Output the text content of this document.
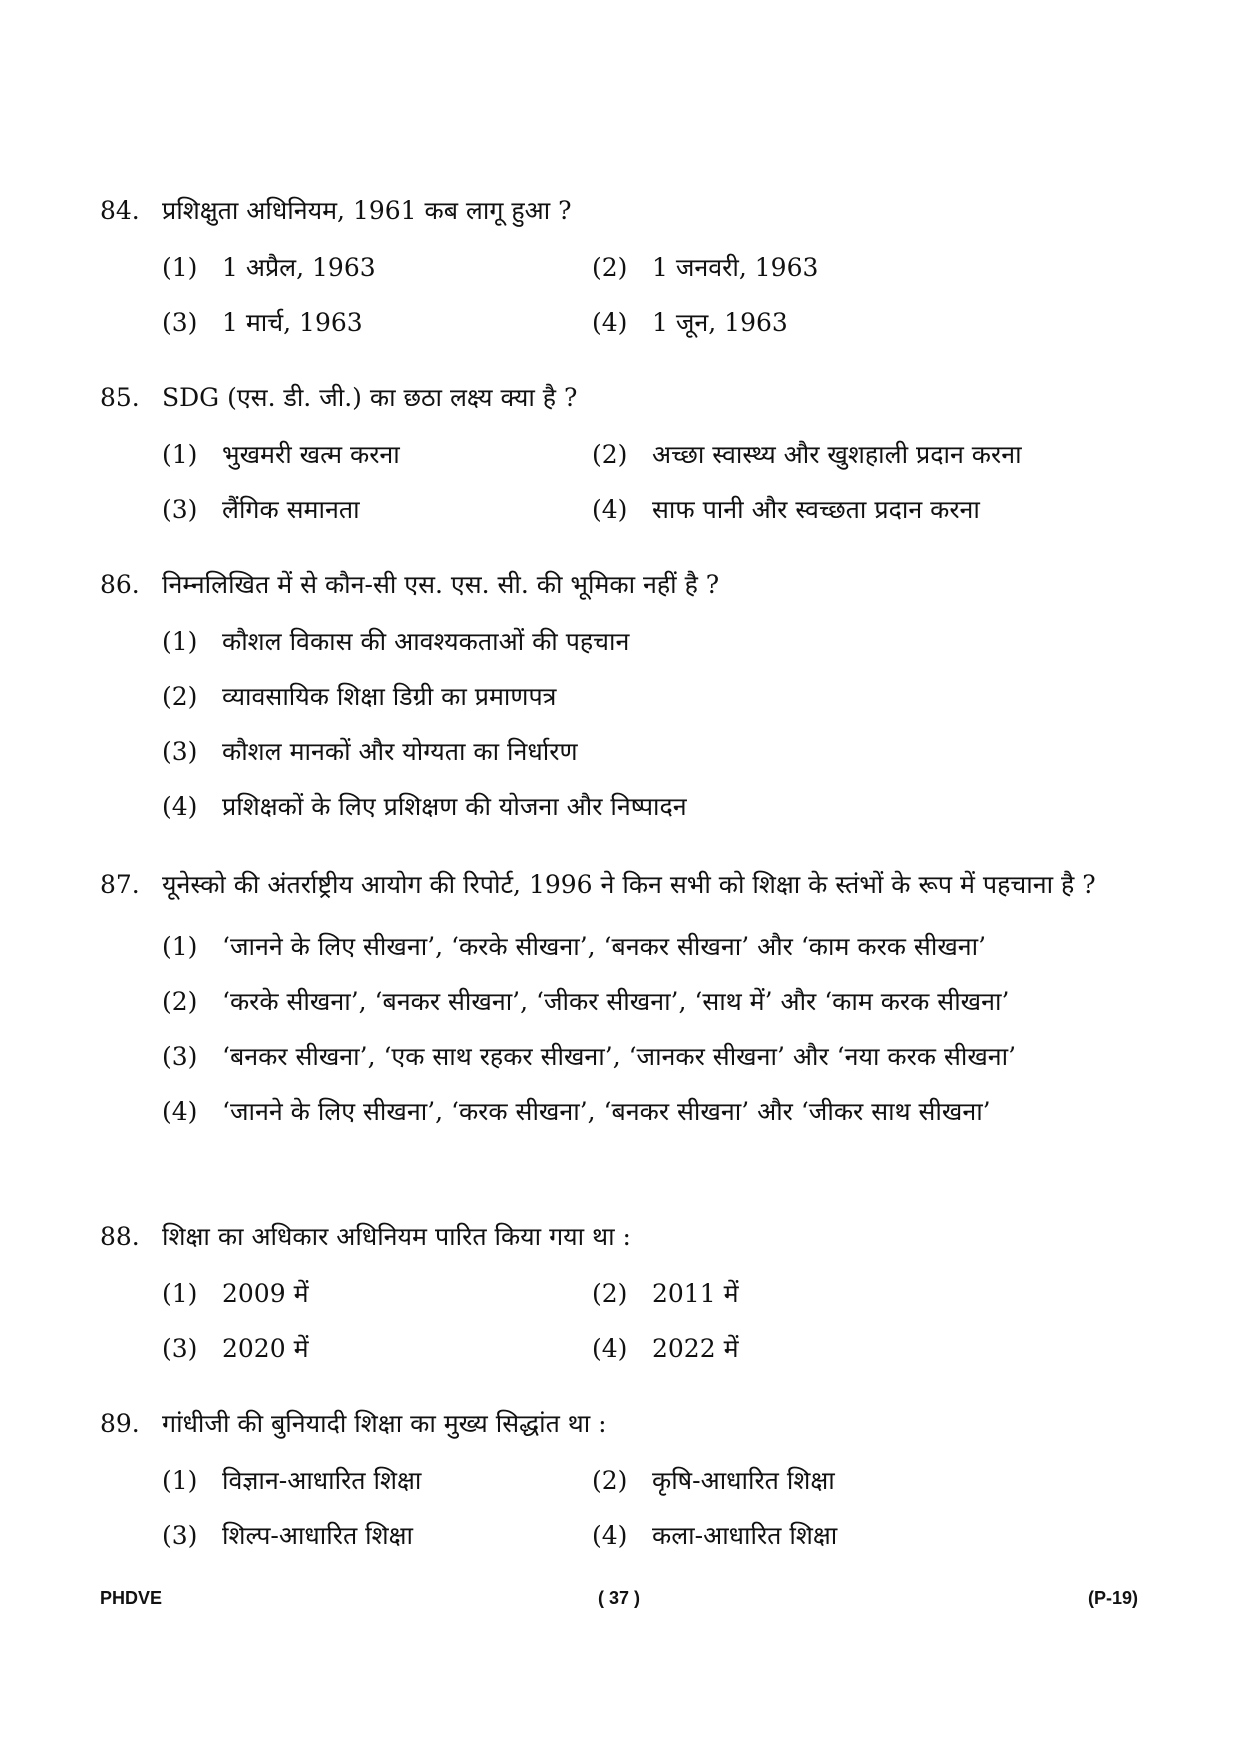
84. प्रशिक्षुता अधिनियम, 1961 कब लागू हुआ ?
(1) 1 अप्रैल, 1963	(2) 1 जनवरी, 1963
(3) 1 मार्च, 1963	(4) 1 जून, 1963
85. SDG (एस. डी. जी.) का छठा लक्ष्य क्या है ?
(1) भुखमरी खत्म करना	(2) अच्छा स्वास्थ्य और खुशहाली प्रदान करना
(3) लैंगिक समानता	(4) साफ पानी और स्वच्छता प्रदान करना
86. निम्नलिखित में से कौन-सी एस. एस. सी. की भूमिका नहीं है ?
(1) कौशल विकास की आवश्यकताओं की पहचान
(2) व्यावसायिक शिक्षा डिग्री का प्रमाणपत्र
(3) कौशल मानकों और योग्यता का निर्धारण
(4) प्रशिक्षकों के लिए प्रशिक्षण की योजना और निष्पादन
87. यूनेस्को की अंतर्राष्ट्रीय आयोग की रिपोर्ट, 1996 ने किन सभी को शिक्षा के स्तंभों के रूप में पहचाना है ?
(1) ‘जानने के लिए सीखना’, ‘करके सीखना’, ‘बनकर सीखना’ और ‘काम करक सीखना’
(2) ‘करके सीखना’, ‘बनकर सीखना’, ‘जीकर सीखना’, ‘साथ में’ और ‘काम करक सीखना’
(3) ‘बनकर सीखना’, ‘एक साथ रहकर सीखना’, ‘जानकर सीखना’ और ‘नया करक सीखना’
(4) ‘जानने के लिए सीखना’, ‘करक सीखना’, ‘बनकर सीखना’ और ‘जीकर साथ सीखना’
88. शिक्षा का अधिकार अधिनियम पारित किया गया था :
(1) 2009 में	(2) 2011 में
(3) 2020 में	(4) 2022 में
89. गांधीजी की बुनियादी शिक्षा का मुख्य सिद्धांत था :
(1) विज्ञान-आधारित शिक्षा	(2) कृषि-आधारित शिक्षा
(3) शिल्प-आधारित शिक्षा	(4) कला-आधारित शिक्षा
PHDVE	( 37 )	(P-19)
